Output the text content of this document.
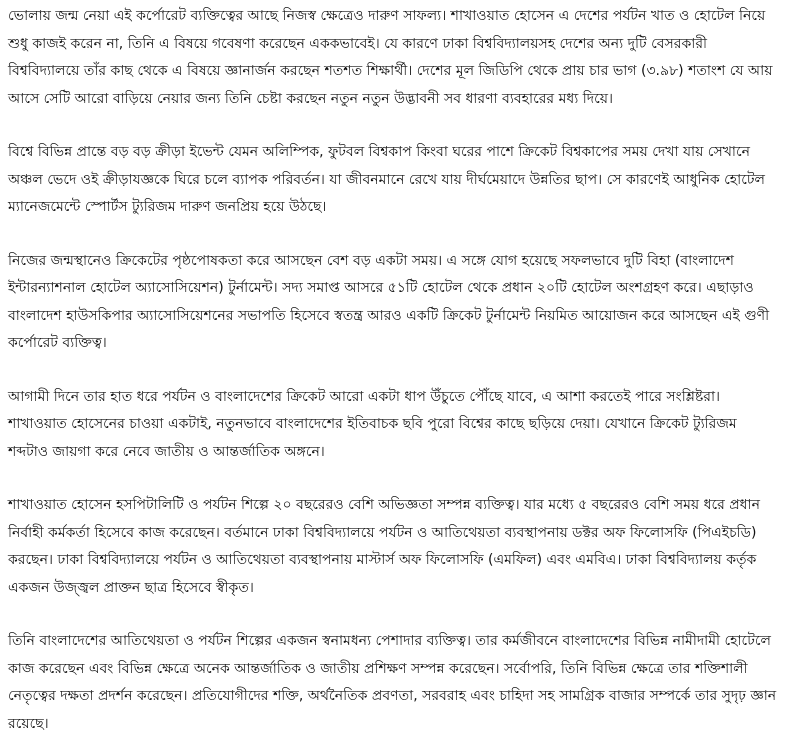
ভোলায় জন্ম নেয়া এই কর্পোরেট ব্যক্তিত্বের আছে নিজস্ব ক্ষেত্রেও দারুণ সাফল্য। শাখাওয়াত হোসেন এ দেশের পর্যটন খাত ও হোটেল নিয়ে শুধু কাজই করেন না, তিনি এ বিষয়ে গবেষণা করেছেন এককভাবেই। যে কারণে ঢাকা বিশ্ববিদ্যালয়সহ দেশের অন্য দুটি বেসরকারী বিশ্ববিদ্যালয়ে তাঁর কাছ থেকে এ বিষয়ে জ্ঞানার্জন করছেন শতশত শিক্ষার্থী। দেশের মূল জিডিপি থেকে প্রায় চার ভাগ (৩.৯৮) শতাংশ যে আয় আসে সেটি আরো বাড়িয়ে নেয়ার জন্য তিনি চেষ্টা করছেন নতুন নতুন উদ্ভাবনী সব ধারণা ব্যবহারের মধ্য দিয়ে।

বিশ্বে বিভিন্ন প্রান্তে বড় বড় ক্রীড়া ইভেন্ট যেমন অলিম্পিক, ফুটবল বিশ্বকাপ কিংবা ঘরের পাশে ক্রিকেট বিশ্বকাপের সময় দেখা যায় সেখানে অঞ্চল ভেদে ওই ক্রীড়াযজ্ঞকে ঘিরে চলে ব্যাপক পরিবর্তন। যা জীবনমানে রেখে যায় দীর্ঘমেয়াদে উন্নতির ছাপ। সে কারণেই আধুনিক হোটেল ম্যানেজমেন্টে স্পোর্টস ট্যুরিজম দারুণ জনপ্রিয় হয়ে উঠছে।

নিজের জন্মস্থানেও ক্রিকেটের পৃষ্ঠপোষকতা করে আসছেন বেশ বড় একটা সময়। এ সঙ্গে যোগ হয়েছে সফলভাবে দুটি বিহা (বাংলাদেশ ইন্টারন্যাশনাল হোটেল অ্যাসোসিয়েশন) টুর্নামেন্ট। সদ্য সমাপ্ত আসরে ৫১টি হোটেল থেকে প্রধান ২০টি হোটেল অংশগ্রহণ করে। এছাড়াও বাংলাদেশ হাউসকিপার অ্যাসোসিয়েশনের সভাপতি হিসেবে স্বতন্ত্র আরও একটি ক্রিকেট টুর্নামেন্ট নিয়মিত আয়োজন করে আসছেন এই গুণী কর্পোরেট ব্যক্তিত্ব।

আগামী দিনে তার হাত ধরে পর্যটন ও বাংলাদেশের ক্রিকেট আরো একটা ধাপ উঁচুতে পৌঁছে যাবে, এ আশা করতেই পারে সংশ্লিষ্টরা। শাখাওয়াত হোসেনের চাওয়া একটাই, নতুনভাবে বাংলাদেশের ইতিবাচক ছবি পুরো বিশ্বের কাছে ছড়িয়ে দেয়া। যেখানে ক্রিকেট ট্যুরিজম শব্দটাও জায়গা করে নেবে জাতীয় ও আন্তর্জাতিক অঙ্গনে।

শাখাওয়াত হোসেন হসপিটালিটি ও পর্যটন শিল্পে ২০ বছরেরও বেশি অভিজ্ঞতা সম্পন্ন ব্যক্তিত্ব। যার মধ্যে ৫ বছরেরও বেশি সময় ধরে প্রধান নির্বাহী কর্মকর্তা হিসেবে কাজ করেছেন। বর্তমানে ঢাকা বিশ্ববিদ্যালয়ে পর্যটন ও আতিথেয়তা ব্যবস্থাপনায় ডক্টর অফ ফিলোসফি (পিএইচডি) করছেন। ঢাকা বিশ্ববিদ্যালয়ে পর্যটন ও আতিথেয়তা ব্যবস্থাপনায় মাস্টার্স অফ ফিলোসফি (এমফিল) এবং এমবিএ। ঢাকা বিশ্ববিদ্যালয় কর্তৃক একজন উজ্জ্বল প্রাক্তন ছাত্র হিসেবে স্বীকৃত।

তিনি বাংলাদেশের আতিথেয়তা ও পর্যটন শিল্পের একজন স্বনামধন্য পেশাদার ব্যক্তিত্ব। তার কর্মজীবনে বাংলাদেশের বিভিন্ন নামীদামী হোটেলে কাজ করেছেন এবং বিভিন্ন ক্ষেত্রে অনেক আন্তর্জাতিক ও জাতীয় প্রশিক্ষণ সম্পন্ন করেছেন। সর্বোপরি, তিনি বিভিন্ন ক্ষেত্রে তার শক্তিশালী নেতৃত্বের দক্ষতা প্রদর্শন করেছেন। প্রতিযোগীদের শক্তি, অর্থনৈতিক প্রবণতা, সরবরাহ এবং চাহিদা সহ সামগ্রিক বাজার সম্পর্কে তার সুদৃঢ় জ্ঞান রয়েছে।
